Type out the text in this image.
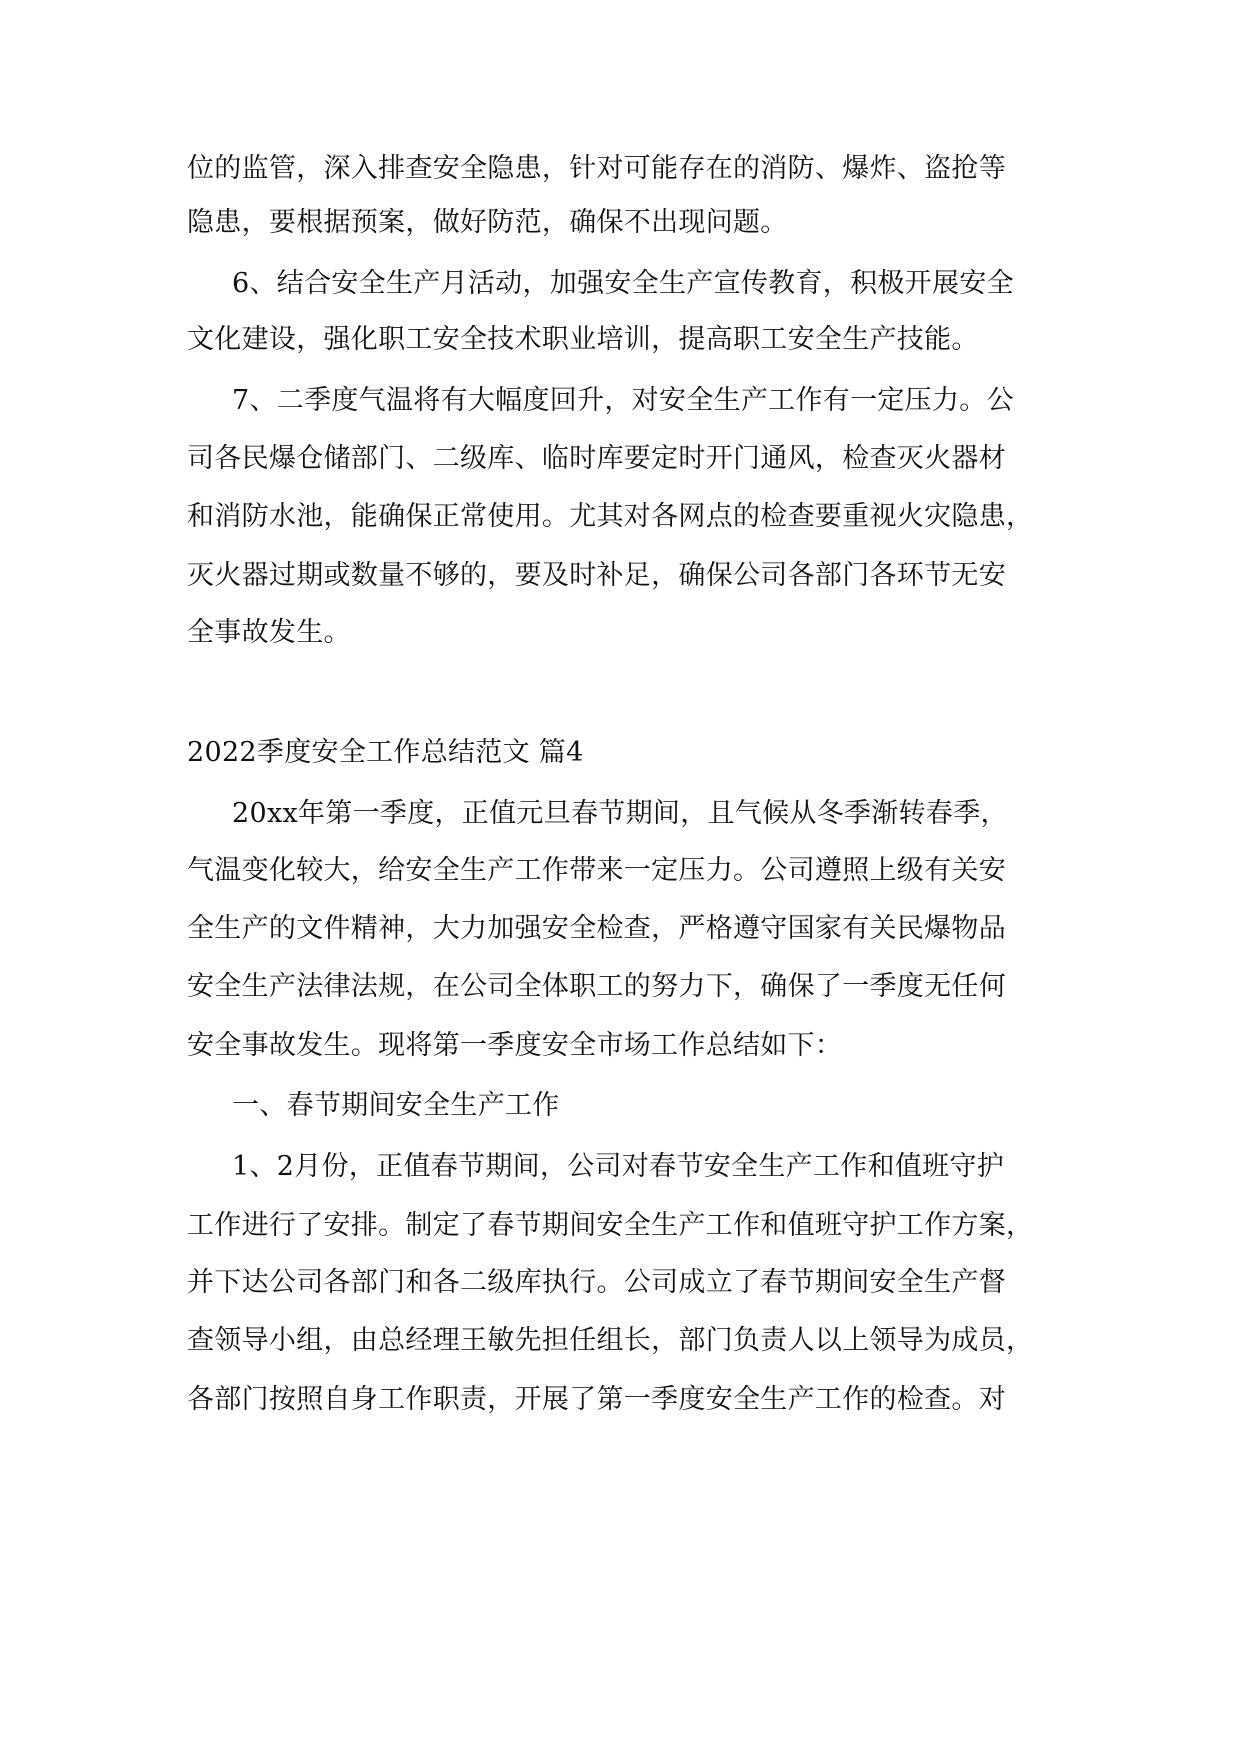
位的监管，深入排查安全隐患，针对可能存在的消防、爆炸、盗抢等
隐患，要根据预案，做好防范，确保不出现问题。
6、结合安全生产月活动，加强安全生产宣传教育，积极开展安全
文化建设，强化职工安全技术职业培训，提高职工安全生产技能。
7、二季度气温将有大幅度回升，对安全生产工作有一定压力。公
司各民爆仓储部门、二级库、临时库要定时开门通风，检查灭火器材
和消防水池，能确保正常使用。尤其对各网点的检查要重视火灾隐患，
灭火器过期或数量不够的，要及时补足，确保公司各部门各环节无安
全事故发生。
2022季度安全工作总结范文 篇4
20xx年第一季度，正值元旦春节期间，且气候从冬季渐转春季，
气温变化较大，给安全生产工作带来一定压力。公司遵照上级有关安
全生产的文件精神，大力加强安全检查，严格遵守国家有关民爆物品
安全生产法律法规，在公司全体职工的努力下，确保了一季度无任何
安全事故发生。现将第一季度安全市场工作总结如下：
一、春节期间安全生产工作
1、2月份，正值春节期间，公司对春节安全生产工作和值班守护
工作进行了安排。制定了春节期间安全生产工作和值班守护工作方案，
并下达公司各部门和各二级库执行。公司成立了春节期间安全生产督
查领导小组，由总经理王敏先担任组长，部门负责人以上领导为成员，
各部门按照自身工作职责，开展了第一季度安全生产工作的检查。对
